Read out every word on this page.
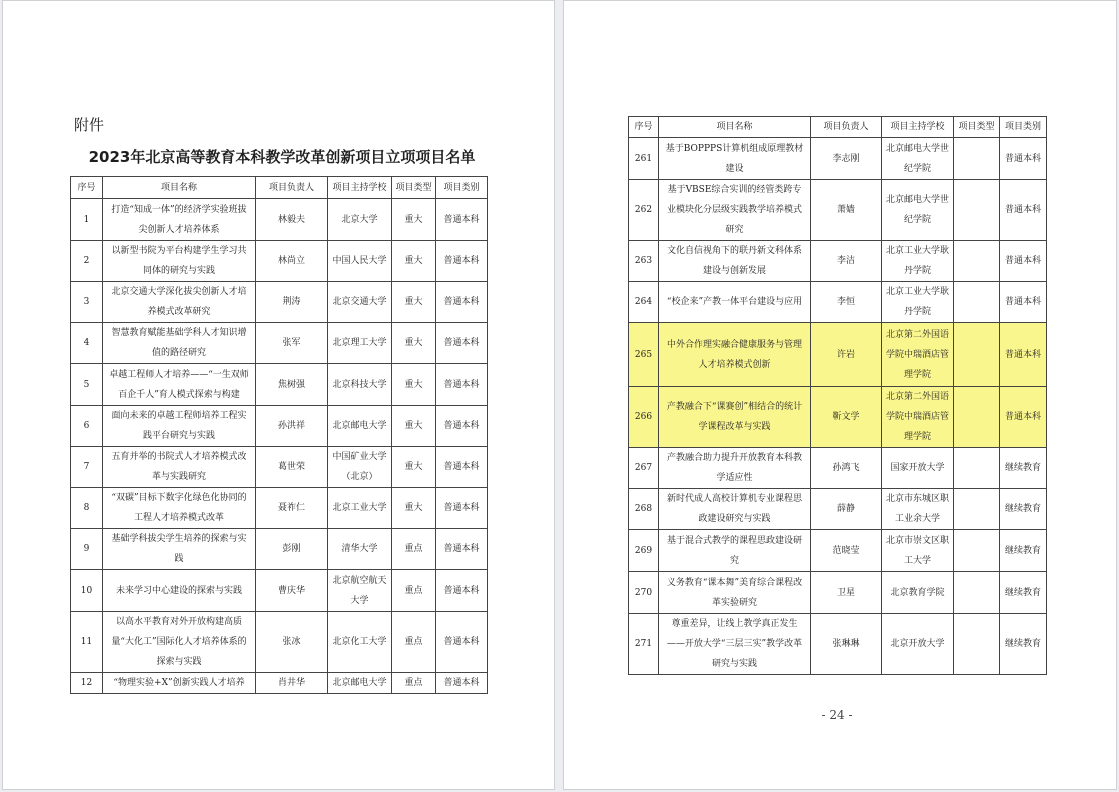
附件
2023年北京高等教育本科教学改革创新项目立项项目名单
序号	项目名称	项目负责人	项目主持学校	项目类型	项目类别
1	打造“知成一体”的经济学实验班拔尖创新人才培养体系	林毅夫	北京大学	重大	普通本科
2	以新型书院为平台构建学生学习共同体的研究与实践	林尚立	中国人民大学	重大	普通本科
3	北京交通大学深化拔尖创新人才培养模式改革研究	荆涛	北京交通大学	重大	普通本科
4	智慧教育赋能基础学科人才知识增值的路径研究	张军	北京理工大学	重大	普通本科
5	卓越工程师人才培养——“一生双师百企千人”育人模式探索与构建	焦树强	北京科技大学	重大	普通本科
6	面向未来的卓越工程师培养工程实践平台研究与实践	孙洪祥	北京邮电大学	重大	普通本科
7	五育并举的书院式人才培养模式改革与实践研究	葛世荣	中国矿业大学（北京）	重大	普通本科
8	“双碳”目标下数字化绿色化协同的工程人才培养模式改革	聂祚仁	北京工业大学	重大	普通本科
9	基础学科拔尖学生培养的探索与实践	彭刚	清华大学	重点	普通本科
10	未来学习中心建设的探索与实践	曹庆华	北京航空航天大学	重点	普通本科
11	以高水平教育对外开放构建高质量“大化工”国际化人才培养体系的探索与实践	张冰	北京化工大学	重点	普通本科
12	“物理实验+X”创新实践人才培养	肖井华	北京邮电大学	重点	普通本科
序号	项目名称	项目负责人	项目主持学校	项目类型	项目类别
261	基于BOPPPS计算机组成原理教材建设	李志刚	北京邮电大学世纪学院		普通本科
262	基于VBSE综合实训的经管类跨专业模块化分层级实践教学培养模式研究	萧嫱	北京邮电大学世纪学院		普通本科
263	文化自信视角下的联丹新文科体系建设与创新发展	李洁	北京工业大学耿丹学院		普通本科
264	“校企来”产教一体平台建设与应用	李恒	北京工业大学耿丹学院		普通本科
265	中外合作理实融合健康服务与管理人才培养模式创新	许岩	北京第二外国语学院中瑞酒店管理学院		普通本科
266	产教融合下“课赛创”相结合的统计学课程改革与实践	靳文学	北京第二外国语学院中瑞酒店管理学院		普通本科
267	产教融合助力提升开放教育本科教学适应性	孙鸿飞	国家开放大学		继续教育
268	新时代成人高校计算机专业课程思政建设研究与实践	薛静	北京市东城区职工业余大学		继续教育
269	基于混合式教学的课程思政建设研究	范晓莹	北京市崇文区职工大学		继续教育
270	义务教育“课本舞”美育综合课程改革实验研究	卫星	北京教育学院		继续教育
271	尊重差异，让线上教学真正发生——开放大学“三层三实”教学改革研究与实践	张琳琳	北京开放大学		继续教育
- 24 -
